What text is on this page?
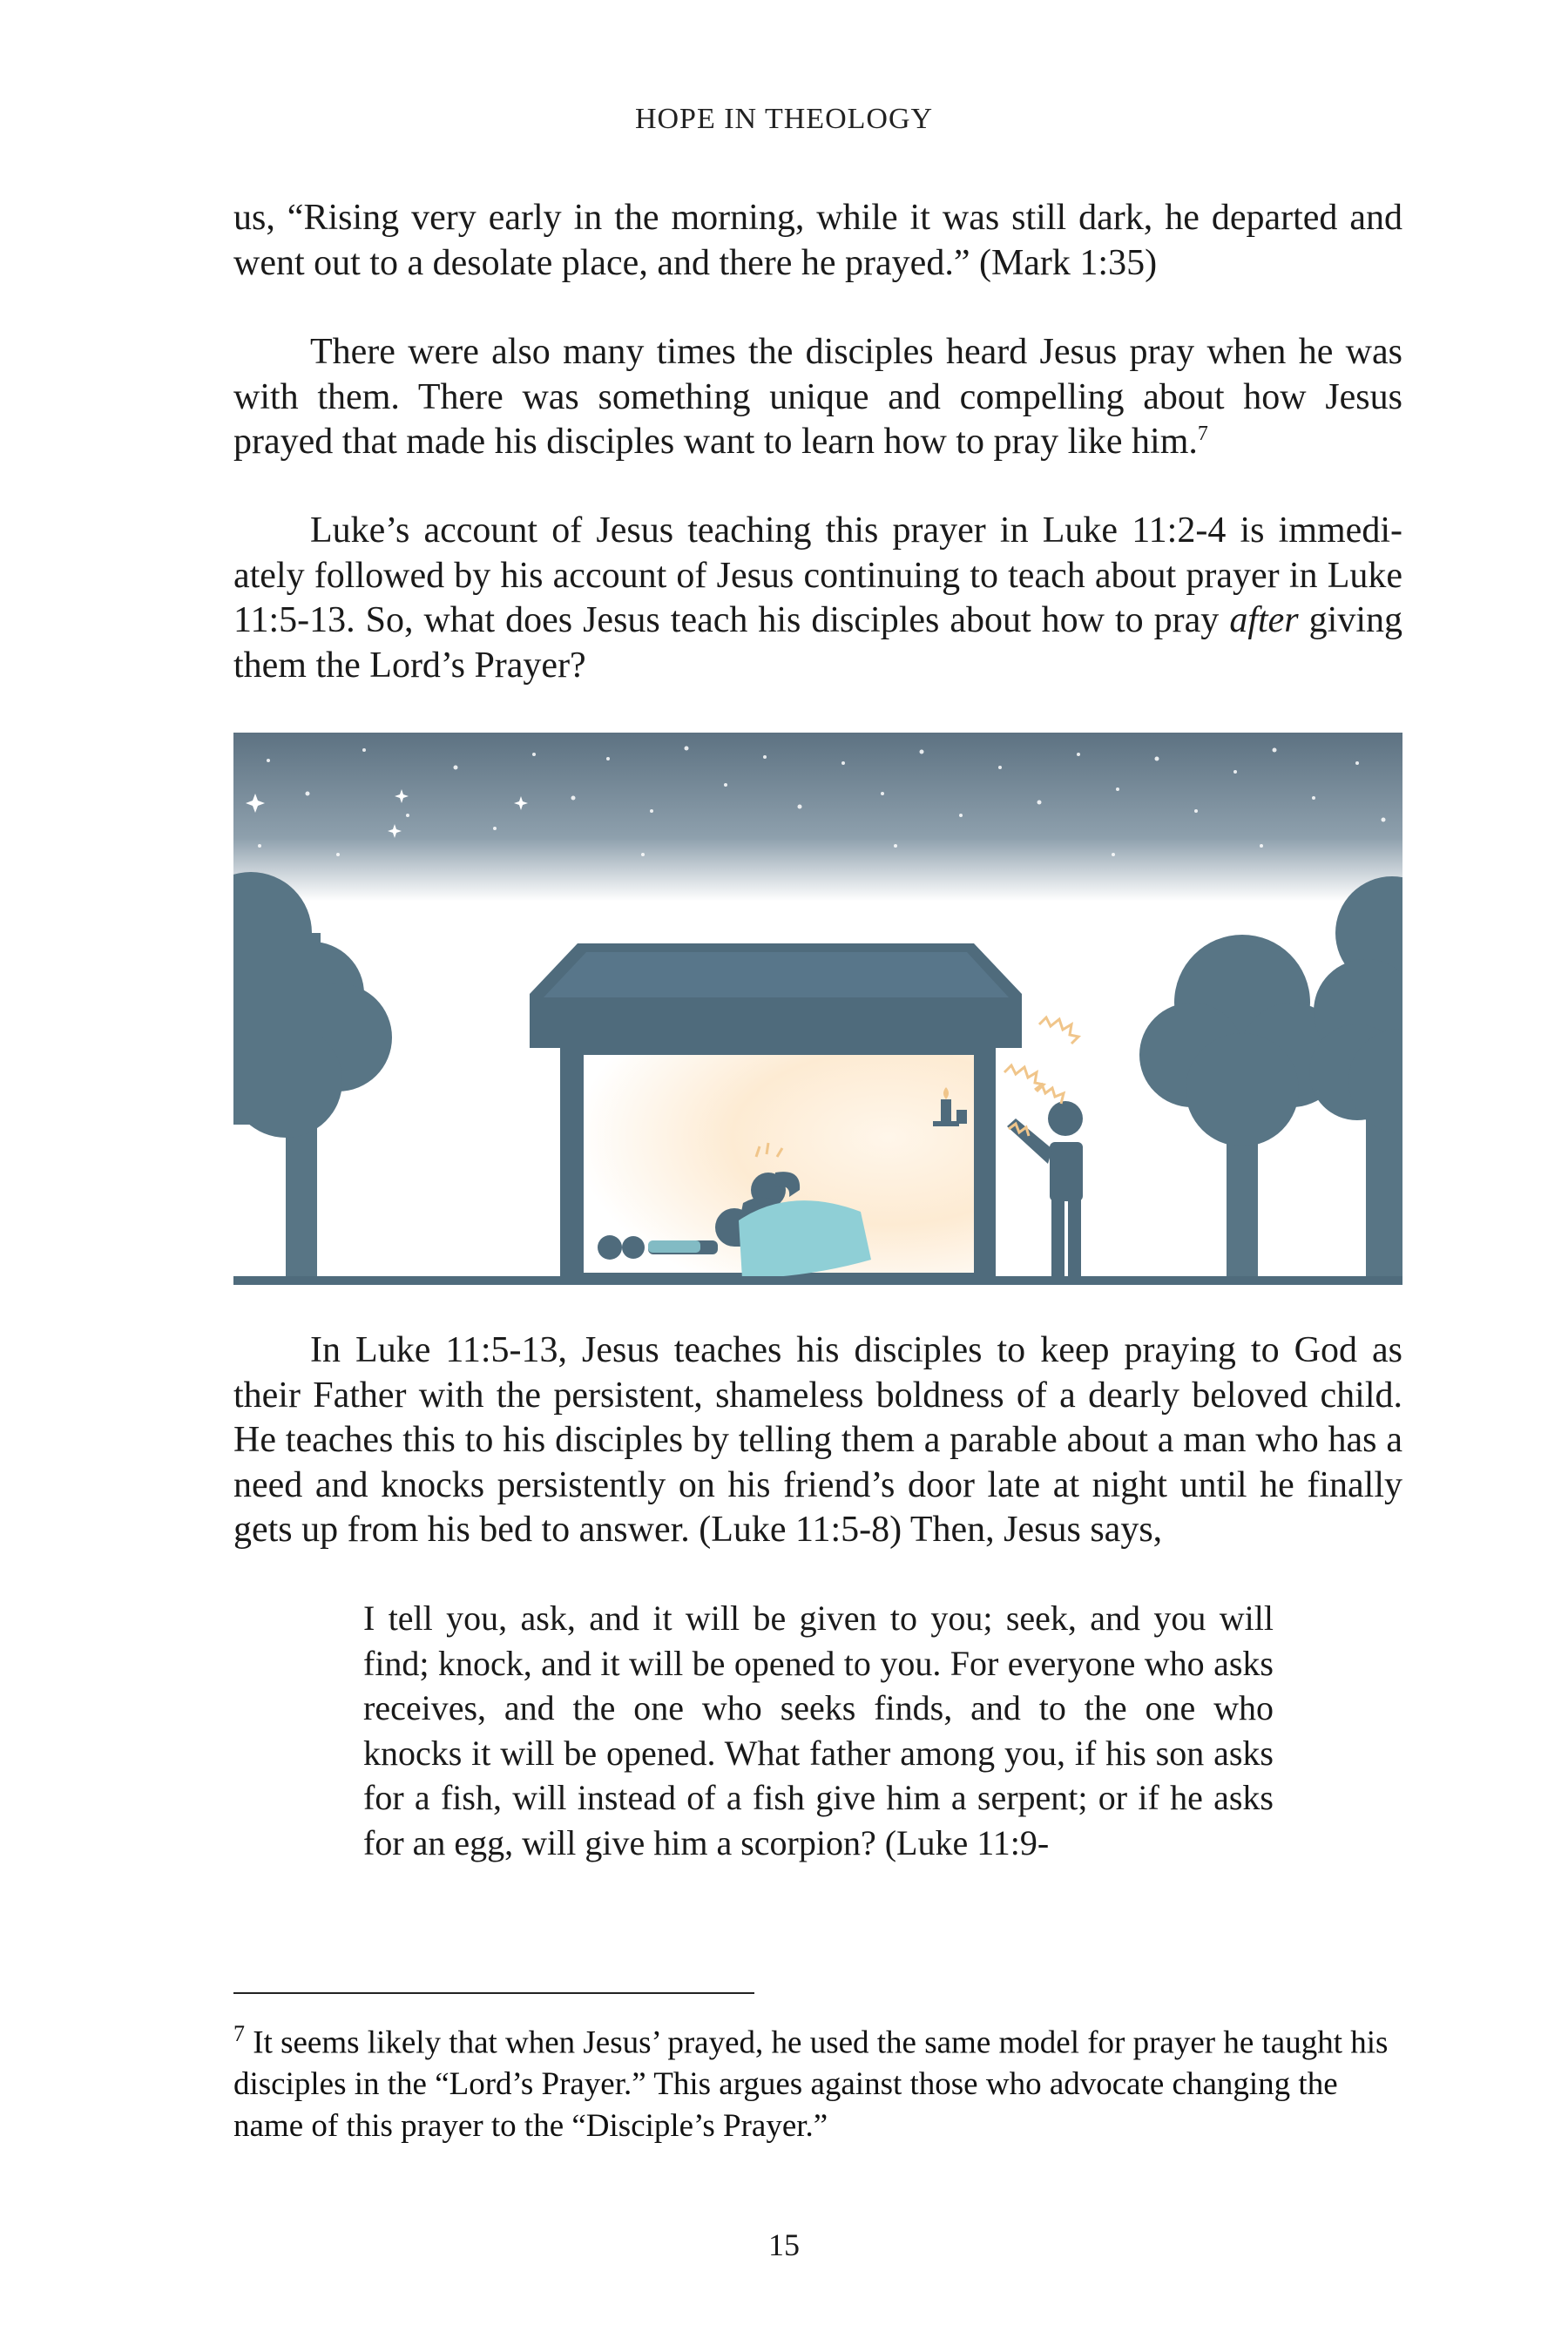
HOPE IN THEOLOGY

us, “Rising very early in the morning, while it was still dark, he departed and went out to a desolate place, and there he prayed.” (Mark 1:35)

There were also many times the disciples heard Jesus pray when he was with them. There was something unique and compelling about how Jesus prayed that made his disciples want to learn how to pray like him.$^7$

Luke’s account of Jesus teaching this prayer in Luke 11:2-4 is immediately followed by his account of Jesus continuing to teach about prayer in Luke 11:5-13. So, what does Jesus teach his disciples about how to pray after giving them the Lord’s Prayer?

In Luke 11:5-13, Jesus teaches his disciples to keep praying to God as their Father with the persistent, shameless boldness of a dearly beloved child. He teaches this to his disciples by telling them a parable about a man who has a need and knocks persistently on his friend’s door late at night until he finally gets up from his bed to answer. (Luke 11:5-8) Then, Jesus says,

I tell you, ask, and it will be given to you; seek, and you will find; knock, and it will be opened to you. For everyone who asks receives, and the one who seeks finds, and to the one who knocks it will be opened. What father among you, if his son asks for a fish, will instead of a fish give him a serpent; or if he asks for an egg, will give him a scorpion? (Luke 11:9-

$^7$ It seems likely that when Jesus’ prayed, he used the same model for prayer he taught his disciples in the “Lord’s Prayer.” This argues against those who advocate changing the name of this prayer to the “Disciple’s Prayer.”

15
